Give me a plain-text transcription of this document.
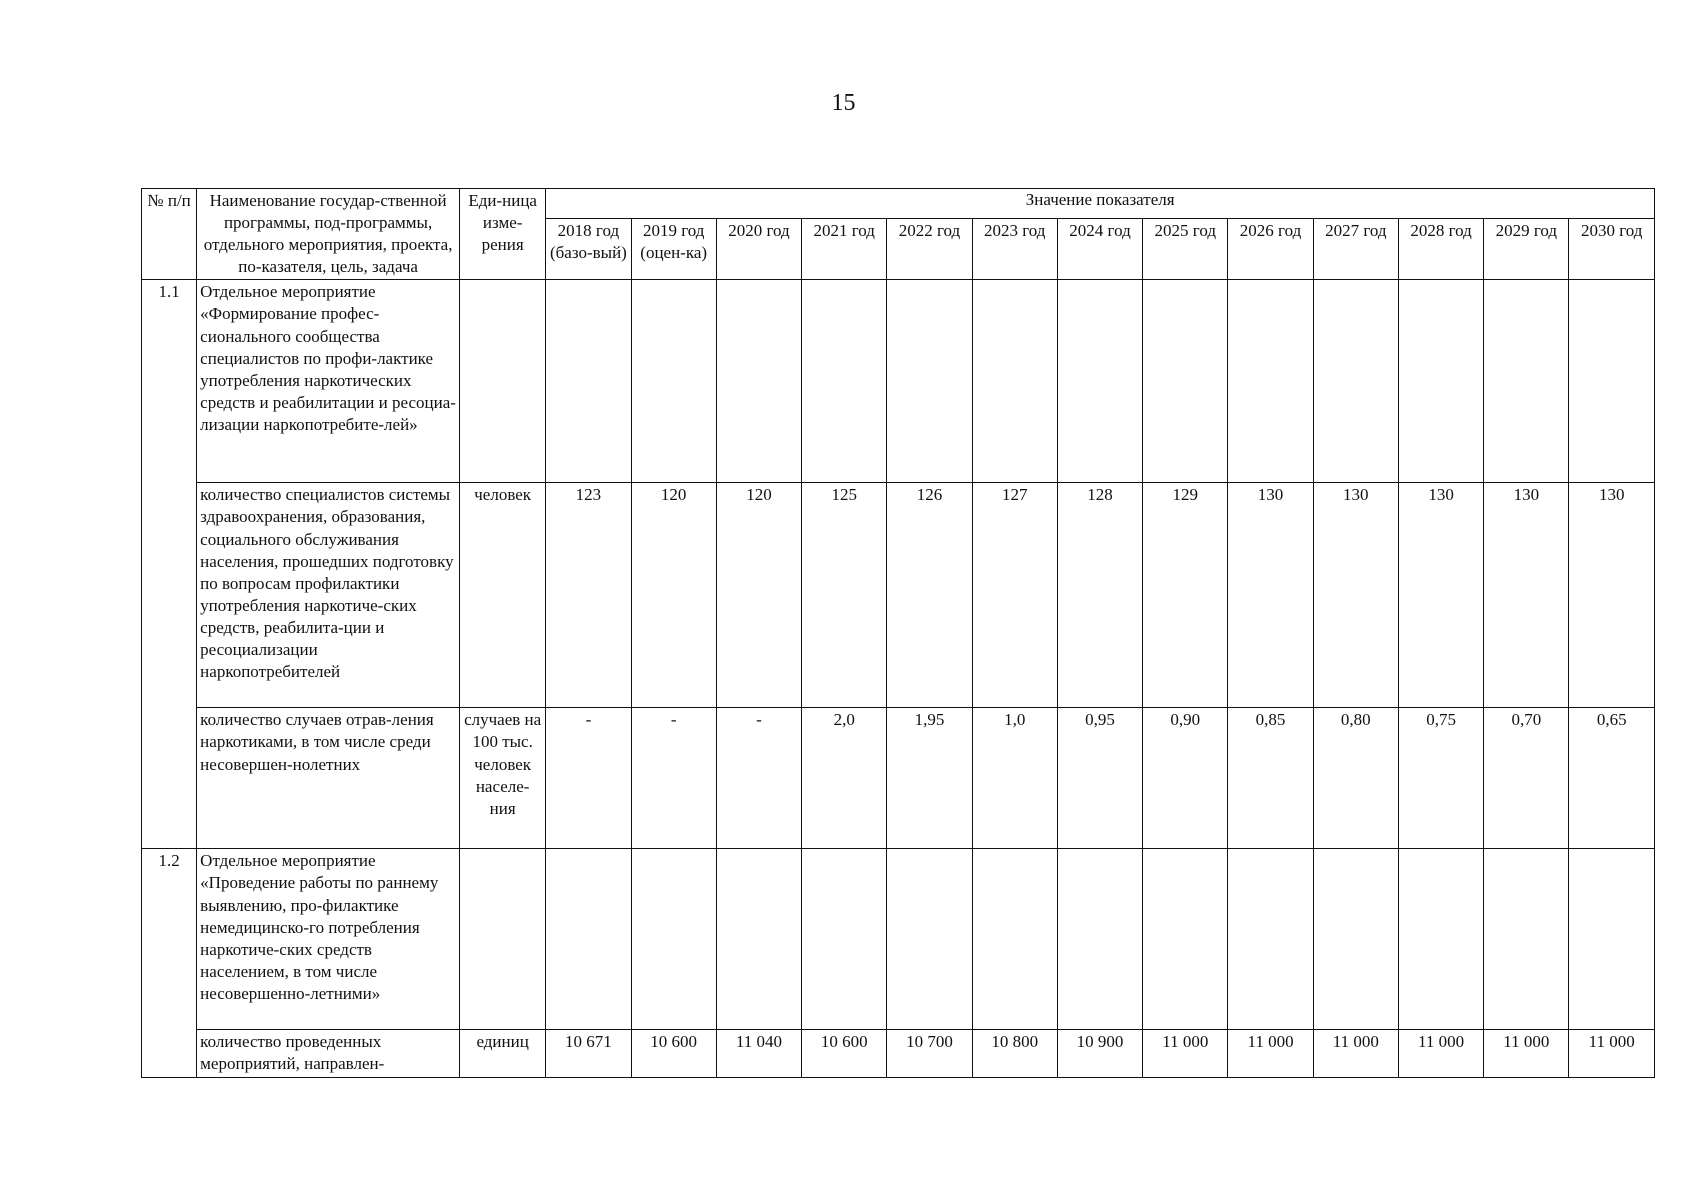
15
№ п/п	Наименование государ-ственной программы, под-программы, отдельного мероприятия, проекта, по-казателя, цель, задача	Еди-ница изме-рения	Значение показателя												
			2018 год (базо-вый)	2019 год (оцен-ка)	2020 год	2021 год	2022 год	2023 год	2024 год	2025 год	2026 год	2027 год	2028 год	2029 год	2030 год
1.1	Отдельное мероприятие «Формирование профес-сионального сообщества специалистов по профи-лактике употребления наркотических средств и реабилитации и ресоциа-лизации наркопотребите-лей»														
	количество специалистов системы здравоохранения, образования, социального обслуживания населения, прошедших подготовку по вопросам профилактики употребления наркотиче-ских средств, реабилита-ции и ресоциализации наркопотребителей	человек	123	120	120	125	126	127	128	129	130	130	130	130	130
	количество случаев отрав-ления наркотиками, в том числе среди несовершен-нолетних	случаев на 100 тыс. человек населе-ния	-	-	-	2,0	1,95	1,0	0,95	0,90	0,85	0,80	0,75	0,70	0,65
1.2	Отдельное мероприятие «Проведение работы по раннему выявлению, про-филактике немедицинско-го потребления наркотиче-ских средств населением, в том числе несовершенно-летними»														
	количество проведенных мероприятий, направлен-	единиц	10 671	10 600	11 040	10 600	10 700	10 800	10 900	11 000	11 000	11 000	11 000	11 000	11 000
